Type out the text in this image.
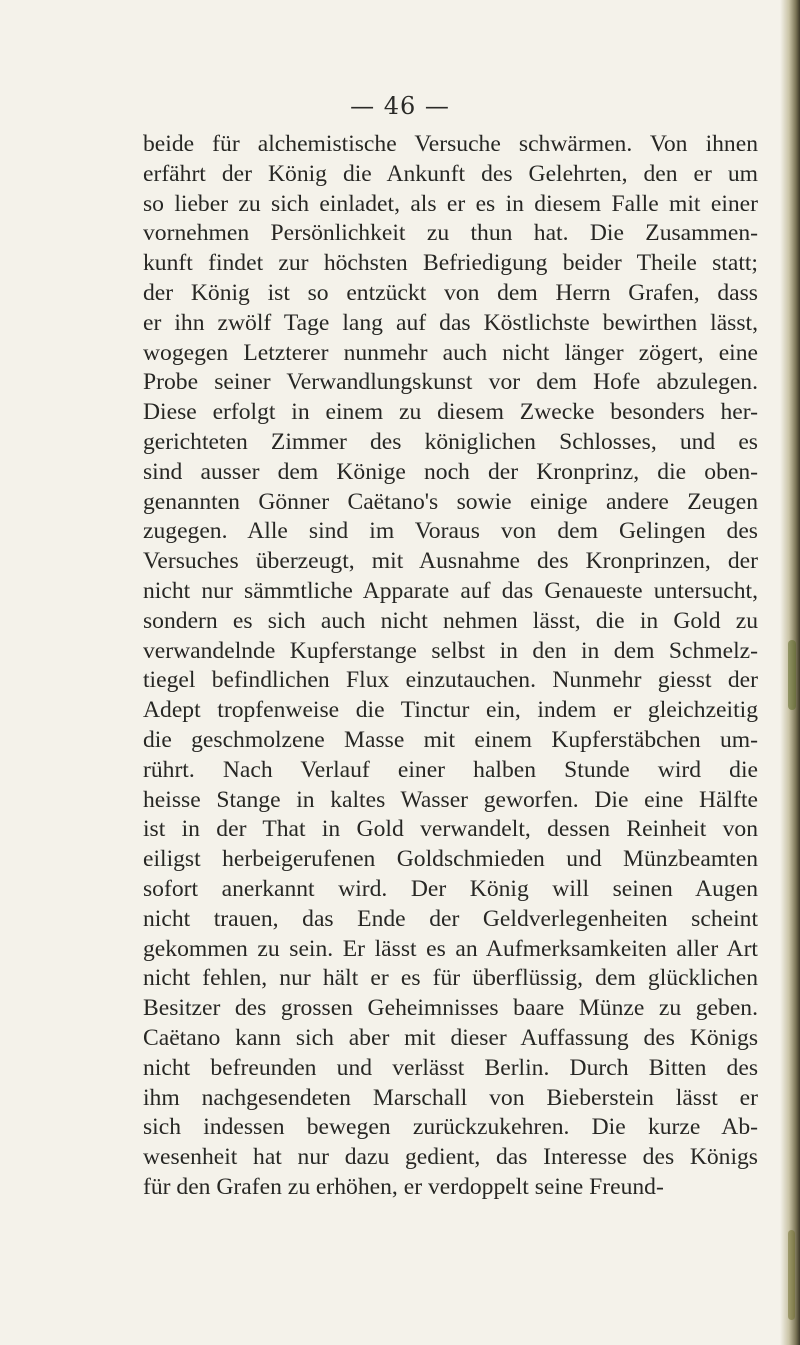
— 46 —
beide für alchemistische Versuche schwärmen. Von ihnen
erfährt der König die Ankunft des Gelehrten, den er um
so lieber zu sich einladet, als er es in diesem Falle mit einer
vornehmen Persönlichkeit zu thun hat. Die Zusammen-
kunft findet zur höchsten Befriedigung beider Theile statt;
der König ist so entzückt von dem Herrn Grafen, dass
er ihn zwölf Tage lang auf das Köstlichste bewirthen lässt,
wogegen Letzterer nunmehr auch nicht länger zögert, eine
Probe seiner Verwandlungskunst vor dem Hofe abzulegen.
Diese erfolgt in einem zu diesem Zwecke besonders her-
gerichteten Zimmer des königlichen Schlosses, und es
sind ausser dem Könige noch der Kronprinz, die oben-
genannten Gönner Caëtano's sowie einige andere Zeugen
zugegen. Alle sind im Voraus von dem Gelingen des
Versuches überzeugt, mit Ausnahme des Kronprinzen, der
nicht nur sämmtliche Apparate auf das Genaueste untersucht,
sondern es sich auch nicht nehmen lässt, die in Gold zu
verwandelnde Kupferstange selbst in den in dem Schmelz-
tiegel befindlichen Flux einzutauchen. Nunmehr giesst der
Adept tropfenweise die Tinctur ein, indem er gleichzeitig
die geschmolzene Masse mit einem Kupferstäbchen um-
rührt. Nach Verlauf einer halben Stunde wird die
heisse Stange in kaltes Wasser geworfen. Die eine Hälfte
ist in der That in Gold verwandelt, dessen Reinheit von
eiligst herbeigerufenen Goldschmieden und Münzbeamten
sofort anerkannt wird. Der König will seinen Augen
nicht trauen, das Ende der Geldverlegenheiten scheint
gekommen zu sein. Er lässt es an Aufmerksamkeiten aller Art
nicht fehlen, nur hält er es für überflüssig, dem glücklichen
Besitzer des grossen Geheimnisses baare Münze zu geben.
Caëtano kann sich aber mit dieser Auffassung des Königs
nicht befreunden und verlässt Berlin. Durch Bitten des
ihm nachgesendeten Marschall von Bieberstein lässt er
sich indessen bewegen zurückzukehren. Die kurze Ab-
wesenheit hat nur dazu gedient, das Interesse des Königs
für den Grafen zu erhöhen, er verdoppelt seine Freund-
